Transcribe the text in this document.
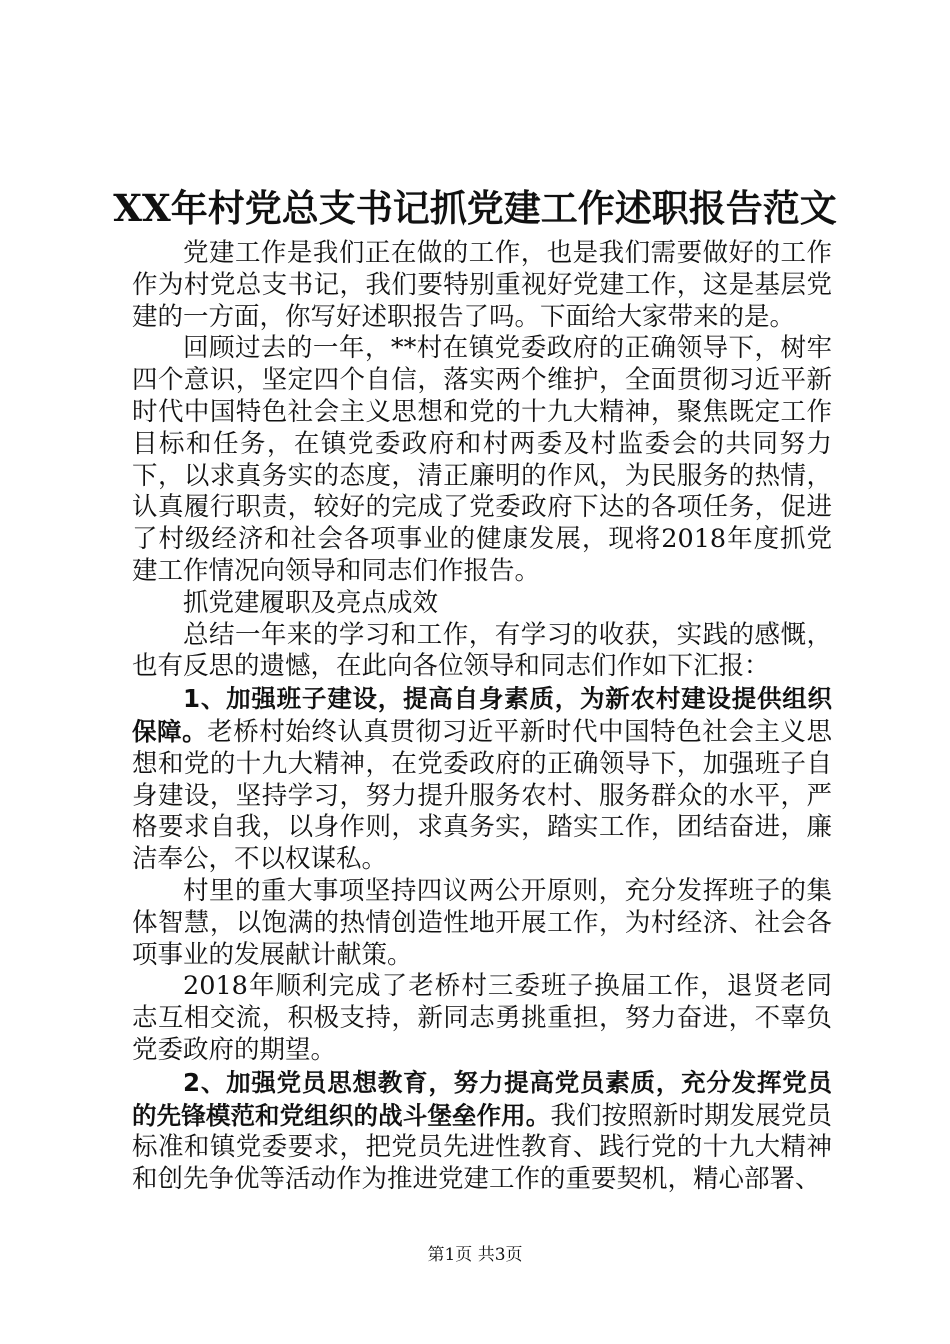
XX年村党总支书记抓党建工作述职报告范文

党建工作是我们正在做的工作，也是我们需要做好的工作作为村党总支书记，我们要特别重视好党建工作，这是基层党建的一方面，你写好述职报告了吗。下面给大家带来的是。

回顾过去的一年，**村在镇党委政府的正确领导下，树牢四个意识，坚定四个自信，落实两个维护，全面贯彻习近平新时代中国特色社会主义思想和党的十九大精神，聚焦既定工作目标和任务，在镇党委政府和村两委及村监委会的共同努力下，以求真务实的态度，清正廉明的作风，为民服务的热情，认真履行职责，较好的完成了党委政府下达的各项任务，促进了村级经济和社会各项事业的健康发展，现将2018年度抓党建工作情况向领导和同志们作报告。

抓党建履职及亮点成效

总结一年来的学习和工作，有学习的收获，实践的感慨，也有反思的遗憾，在此向各位领导和同志们作如下汇报：

1、加强班子建设，提高自身素质，为新农村建设提供组织保障。老桥村始终认真贯彻习近平新时代中国特色社会主义思想和党的十九大精神，在党委政府的正确领导下，加强班子自身建设，坚持学习，努力提升服务农村、服务群众的水平，严格要求自我，以身作则，求真务实，踏实工作，团结奋进，廉洁奉公，不以权谋私。

村里的重大事项坚持四议两公开原则，充分发挥班子的集体智慧，以饱满的热情创造性地开展工作，为村经济、社会各项事业的发展献计献策。

2018年顺利完成了老桥村三委班子换届工作，退贤老同志互相交流，积极支持，新同志勇挑重担，努力奋进，不辜负党委政府的期望。

2、加强党员思想教育，努力提高党员素质，充分发挥党员的先锋模范和党组织的战斗堡垒作用。我们按照新时期发展党员标准和镇党委要求，把党员先进性教育、践行党的十九大精神和创先争优等活动作为推进党建工作的重要契机，精心部署、

第1页 共3页
